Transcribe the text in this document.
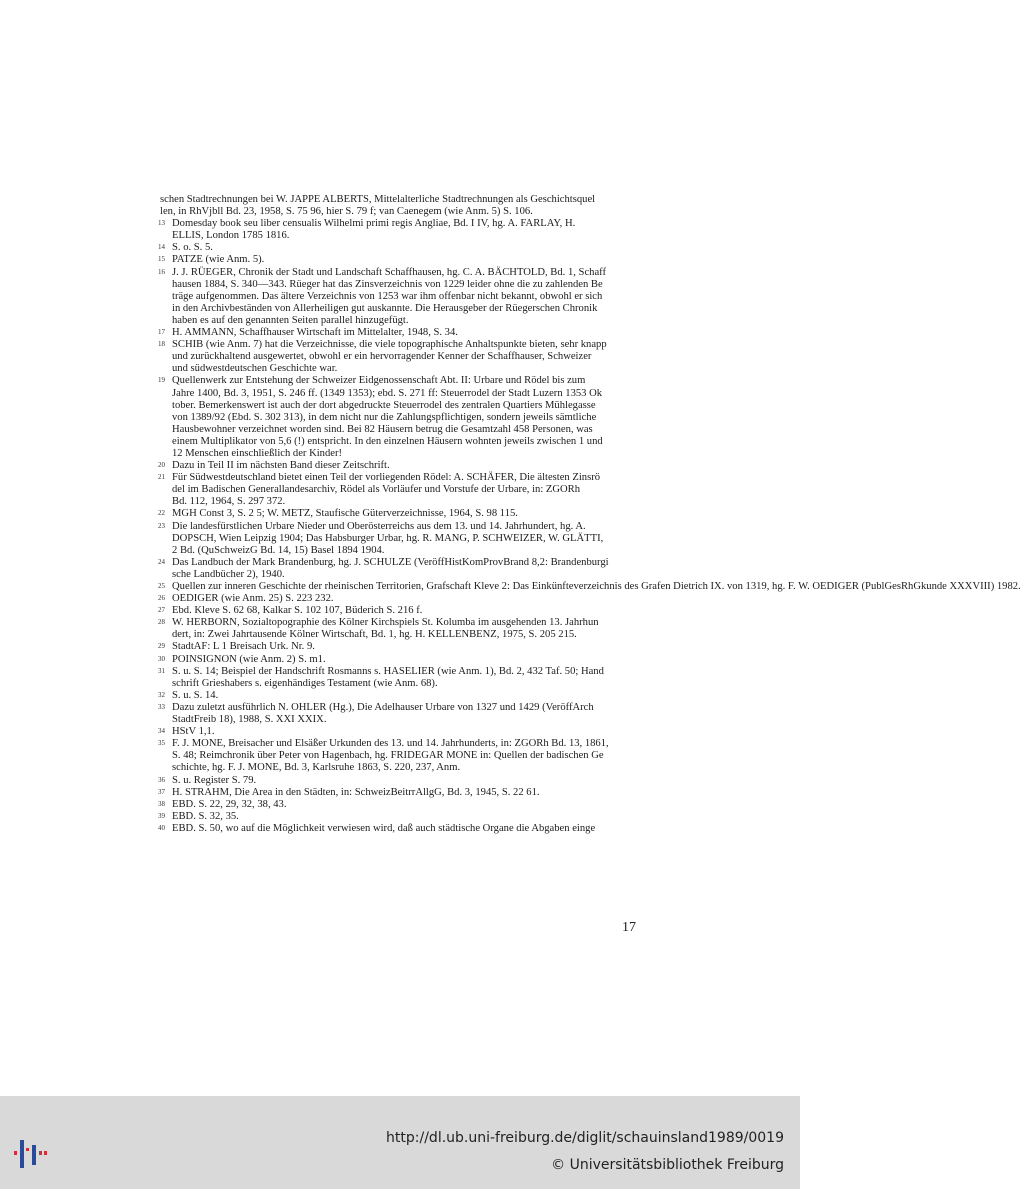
schen Stadtrechnungen bei W. JAPPE ALBERTS, Mittelalterliche Stadtrechnungen als Geschichtsquel
len, in RhVjbll Bd. 23, 1958, S. 75 96, hier S. 79 f; van Caenegem (wie Anm. 5) S. 106.
13 Domesday book seu liber censualis Wilhelmi primi regis Angliae, Bd. I IV, hg. A. FARLAY, H.
ELLIS, London 1785 1816.
14 S. o. S. 5.
15 PATZE (wie Anm. 5).
16 J. J. RÜEGER, Chronik der Stadt und Landschaft Schaffhausen, hg. C. A. BÄCHTOLD, Bd. 1, Schaff
hausen 1884, S. 340—343. Rüeger hat das Zinsverzeichnis von 1229 leider ohne die zu zahlenden Be
träge aufgenommen. Das ältere Verzeichnis von 1253 war ihm offenbar nicht bekannt, obwohl er sich
in den Archivbeständen von Allerheiligen gut auskannte. Die Herausgeber der Rüegerschen Chronik
haben es auf den genannten Seiten parallel hinzugefügt.
17 H. AMMANN, Schaffhauser Wirtschaft im Mittelalter, 1948, S. 34.
18 SCHIB (wie Anm. 7) hat die Verzeichnisse, die viele topographische Anhaltspunkte bieten, sehr knapp
und zurückhaltend ausgewertet, obwohl er ein hervorragender Kenner der Schaffhauser, Schweizer
und südwestdeutschen Geschichte war.
19 Quellenwerk zur Entstehung der Schweizer Eidgenossenschaft Abt. II: Urbare und Rödel bis zum
Jahre 1400, Bd. 3, 1951, S. 246 ff. (1349 1353); ebd. S. 271 ff: Steuerrodel der Stadt Luzern 1353 Ok
tober. Bemerkenswert ist auch der dort abgedruckte Steuerrodel des zentralen Quartiers Mühlegasse
von 1389/92 (Ebd. S. 302 313), in dem nicht nur die Zahlungspflichtigen, sondern jeweils sämtliche
Hausbewohner verzeichnet worden sind. Bei 82 Häusern betrug die Gesamtzahl 458 Personen, was
einem Multiplikator von 5,6 (!) entspricht. In den einzelnen Häusern wohnten jeweils zwischen 1 und
12 Menschen einschließlich der Kinder!
20 Dazu in Teil II im nächsten Band dieser Zeitschrift.
21 Für Südwestdeutschland bietet einen Teil der vorliegenden Rödel: A. SCHÄFER, Die ältesten Zinsrö
del im Badischen Generallandesarchiv, Rödel als Vorläufer und Vorstufe der Urbare, in: ZGORh
Bd. 112, 1964, S. 297 372.
22 MGH Const 3, S. 2 5; W. METZ, Staufische Güterverzeichnisse, 1964, S. 98 115.
23 Die landesfürstlichen Urbare Nieder und Oberösterreichs aus dem 13. und 14. Jahrhundert, hg. A.
DOPSCH, Wien Leipzig 1904; Das Habsburger Urbar, hg. R. MANG, P. SCHWEIZER, W. GLÄTTI,
2 Bd. (QuSchweizG Bd. 14, 15) Basel 1894 1904.
24 Das Landbuch der Mark Brandenburg, hg. J. SCHULZE (VeröffHistKomProvBrand 8,2: Brandenburgi
sche Landbücher 2), 1940.
25 Quellen zur inneren Geschichte der rheinischen Territorien, Grafschaft Kleve 2: Das Einkünfteverzeichnis des Grafen Dietrich IX. von 1319, hg. F. W. OEDIGER (PublGesRhGkunde XXXVIII) 1982.
26 OEDIGER (wie Anm. 25) S. 223 232.
27 Ebd. Kleve S. 62 68, Kalkar S. 102 107, Büderich S. 216 f.
28 W. HERBORN, Sozialtopographie des Kölner Kirchspiels St. Kolumba im ausgehenden 13. Jahrhun
dert, in: Zwei Jahrtausende Kölner Wirtschaft, Bd. 1, hg. H. KELLENBENZ, 1975, S. 205 215.
29 StadtAF: L 1 Breisach Urk. Nr. 9.
30 POINSIGNON (wie Anm. 2) S. m1.
31 S. u. S. 14; Beispiel der Handschrift Rosmanns s. HASELIER (wie Anm. 1), Bd. 2, 432 Taf. 50; Hand
schrift Grieshabers s. eigenhändiges Testament (wie Anm. 68).
32 S. u. S. 14.
33 Dazu zuletzt ausführlich N. OHLER (Hg.), Die Adelhauser Urbare von 1327 und 1429 (VeröffArch
StadtFreib 18), 1988, S. XXI XXIX.
34 HStV 1,1.
35 F. J. MONE, Breisacher und Elsäßer Urkunden des 13. und 14. Jahrhunderts, in: ZGORh Bd. 13, 1861,
S. 48; Reimchronik über Peter von Hagenbach, hg. FRIDEGAR MONE in: Quellen der badischen Ge
schichte, hg. F. J. MONE, Bd. 3, Karlsruhe 1863, S. 220, 237, Anm.
36 S. u. Register S. 79.
37 H. STRAHM, Die Area in den Städten, in: SchweizBeitrrAllgG, Bd. 3, 1945, S. 22 61.
38 EBD. S. 22, 29, 32, 38, 43.
39 EBD. S. 32, 35.
40 EBD. S. 50, wo auf die Möglichkeit verwiesen wird, daß auch städtische Organe die Abgaben einge
17
http://dl.ub.uni-freiburg.de/diglit/schauinsland1989/0019
© Universitätsbibliothek Freiburg
